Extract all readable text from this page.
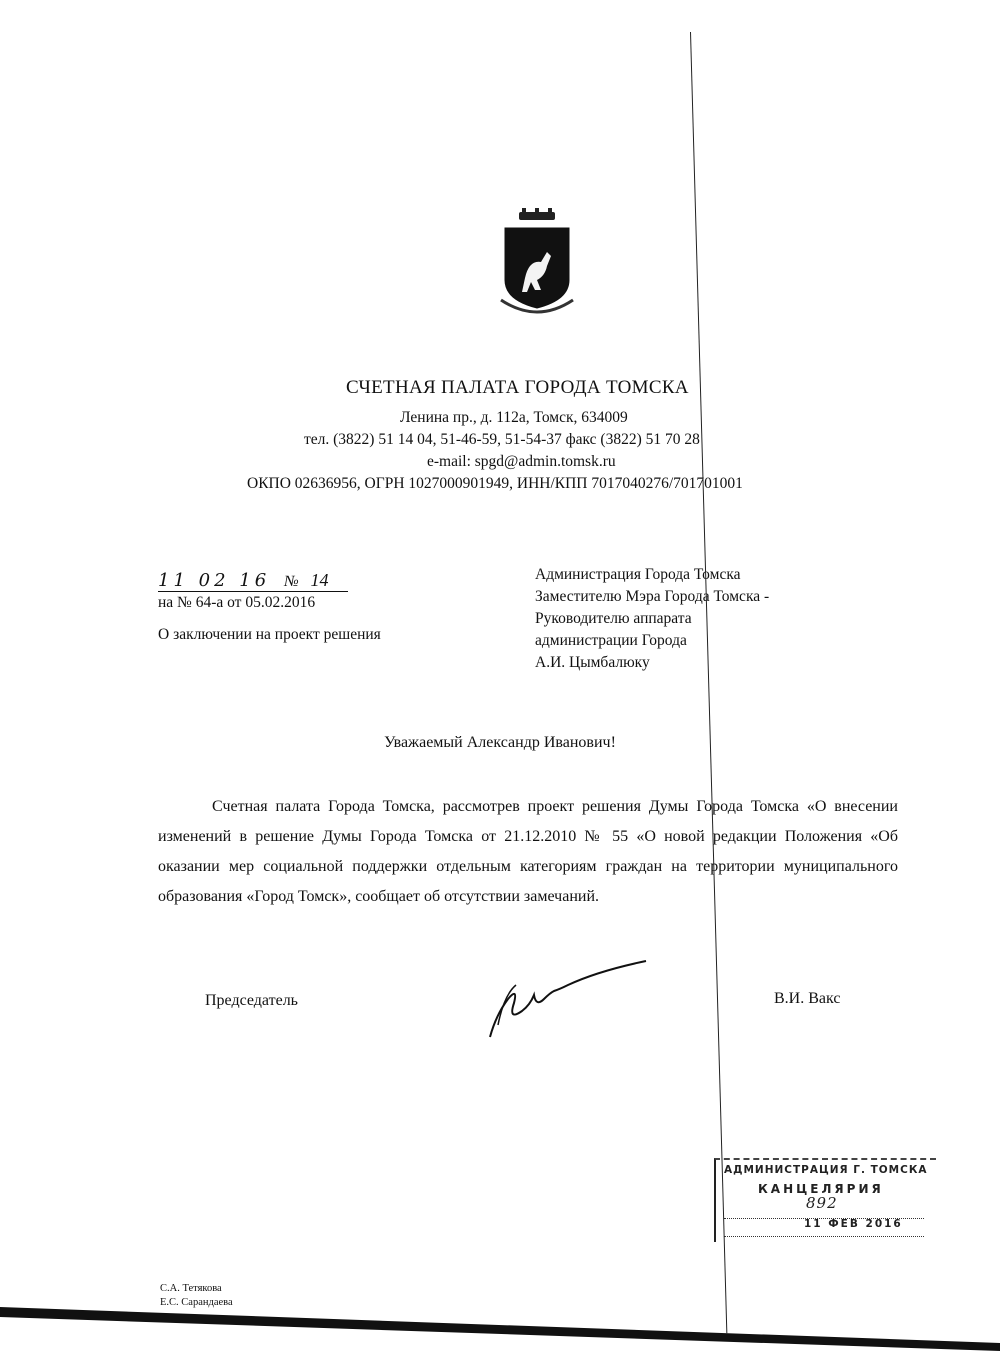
СЧЕТНАЯ ПАЛАТА ГОРОДА ТОМСКА
Ленина пр., д. 112а, Томск, 634009
тел. (3822) 51 14 04, 51-46-59, 51-54-37 факс (3822) 51 70 28
e-mail: spgd@admin.tomsk.ru
ОКПО 02636956, ОГРН 1027000901949, ИНН/КПП 7017040276/701701001
11 02 16 № 14
на № 64-а от 05.02.2016
О заключении на проект решения
Администрация Города Томска
Заместителю Мэра Города Томска -
Руководителю аппарата
администрации Города
А.И. Цымбалюку
Уважаемый Александр Иванович!
Счетная палата Города Томска, рассмотрев проект решения Думы Города Томска «О внесении изменений в решение Думы Города Томска от 21.12.2010 № 55 «О новой редакции Положения «Об оказании мер социальной поддержки отдельным категориям граждан на территории муниципального образования «Город Томск», сообщает об отсутствии замечаний.
Председатель	В.И. Вакс
АДМИНИСТРАЦИЯ Г. ТОМСКА
КАНЦЕЛЯРИЯ
892
11 ФЕВ 2016
С.А. Тетякова
Е.С. Сарандаева
